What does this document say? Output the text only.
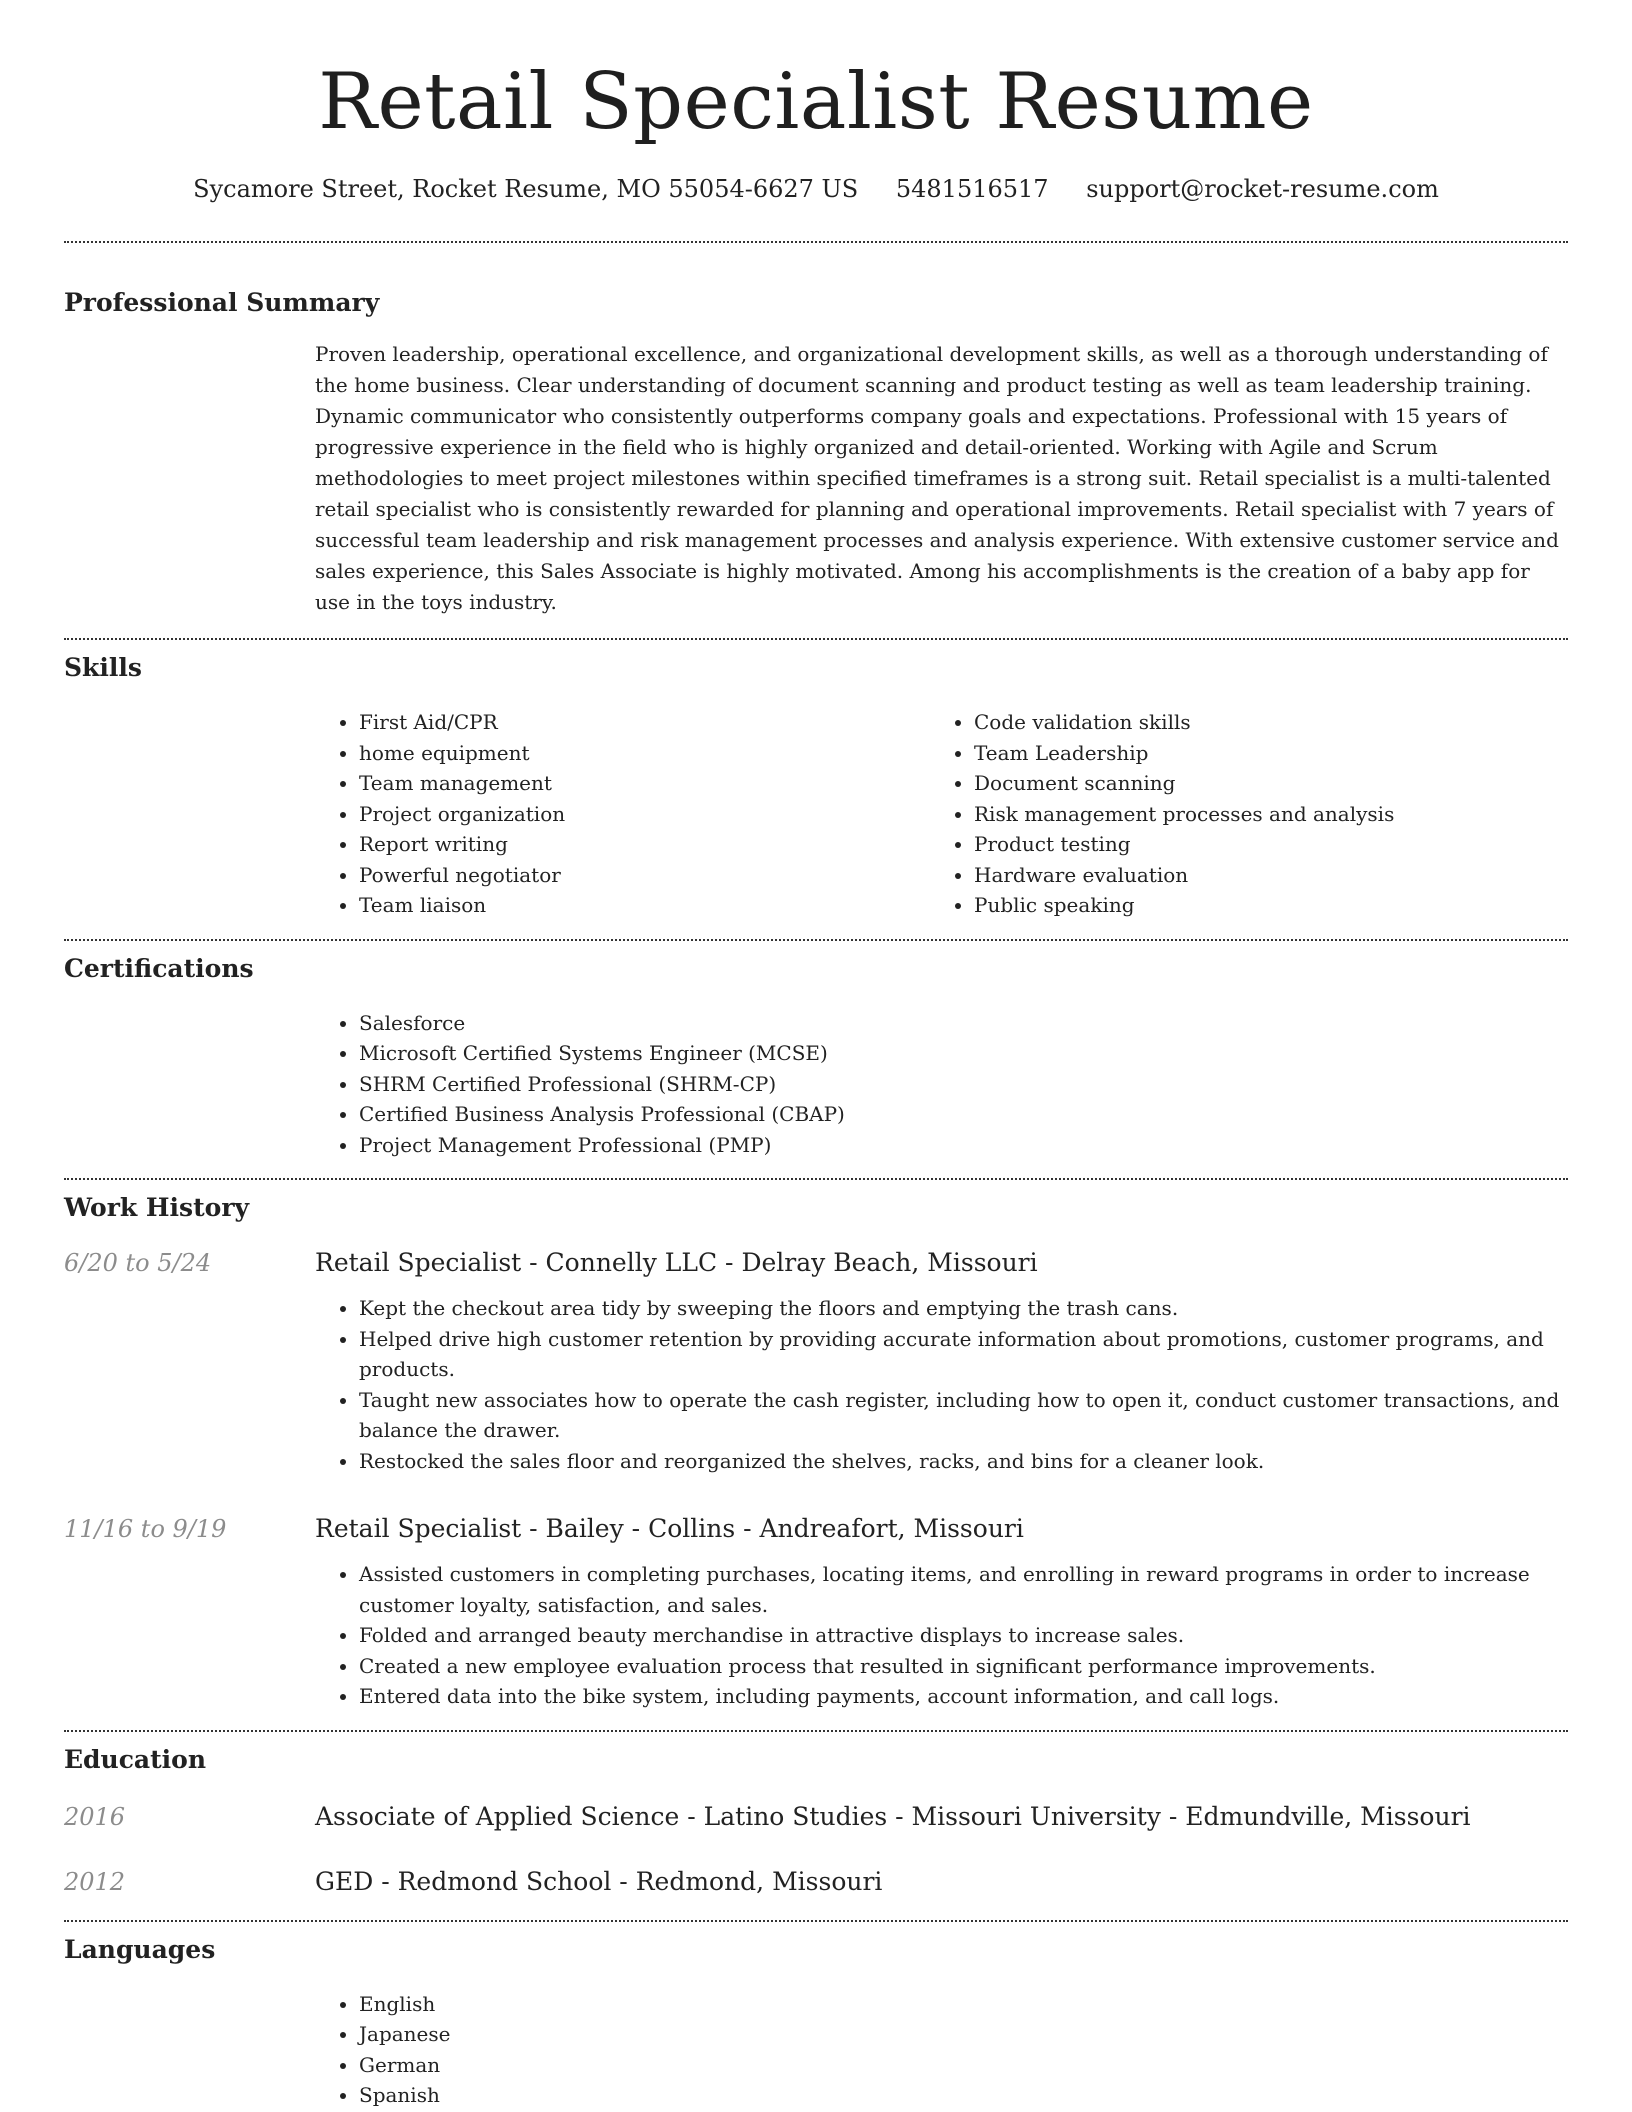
Retail Specialist Resume
Sycamore Street, Rocket Resume, MO 55054-6627 US 5481516517 support@rocket-resume.com
Professional Summary

Proven leadership, operational excellence, and organizational development skills, as well as a thorough understanding of the home business. Clear understanding of document scanning and product testing as well as team leadership training. Dynamic communicator who consistently outperforms company goals and expectations. Professional with 15 years of progressive experience in the field who is highly organized and detail-oriented. Working with Agile and Scrum methodologies to meet project milestones within specified timeframes is a strong suit. Retail specialist is a multi-talented retail specialist who is consistently rewarded for planning and operational improvements. Retail specialist with 7 years of successful team leadership and risk management processes and analysis experience. With extensive customer service and sales experience, this Sales Associate is highly motivated. Among his accomplishments is the creation of a baby app for use in the toys industry.

Skills
• First Aid/CPR
• home equipment
• Team management
• Project organization
• Report writing
• Powerful negotiator
• Team liaison
• Code validation skills
• Team Leadership
• Document scanning
• Risk management processes and analysis
• Product testing
• Hardware evaluation
• Public speaking
Certifications
• Salesforce
• Microsoft Certified Systems Engineer (MCSE)
• SHRM Certified Professional (SHRM-CP)
• Certified Business Analysis Professional (CBAP)
• Project Management Professional (PMP)
Work History
6/20 to 5/24	Retail Specialist - Connelly LLC - Delray Beach, Missouri
• Kept the checkout area tidy by sweeping the floors and emptying the trash cans.
• Helped drive high customer retention by providing accurate information about promotions, customer programs, and products.
• Taught new associates how to operate the cash register, including how to open it, conduct customer transactions, and balance the drawer.
• Restocked the sales floor and reorganized the shelves, racks, and bins for a cleaner look.
11/16 to 9/19	Retail Specialist - Bailey - Collins - Andreafort, Missouri
• Assisted customers in completing purchases, locating items, and enrolling in reward programs in order to increase customer loyalty, satisfaction, and sales.
• Folded and arranged beauty merchandise in attractive displays to increase sales.
• Created a new employee evaluation process that resulted in significant performance improvements.
• Entered data into the bike system, including payments, account information, and call logs.
Education
2016	Associate of Applied Science - Latino Studies - Missouri University - Edmundville, Missouri
2012	GED - Redmond School - Redmond, Missouri
Languages
• English
• Japanese
• German
• Spanish
